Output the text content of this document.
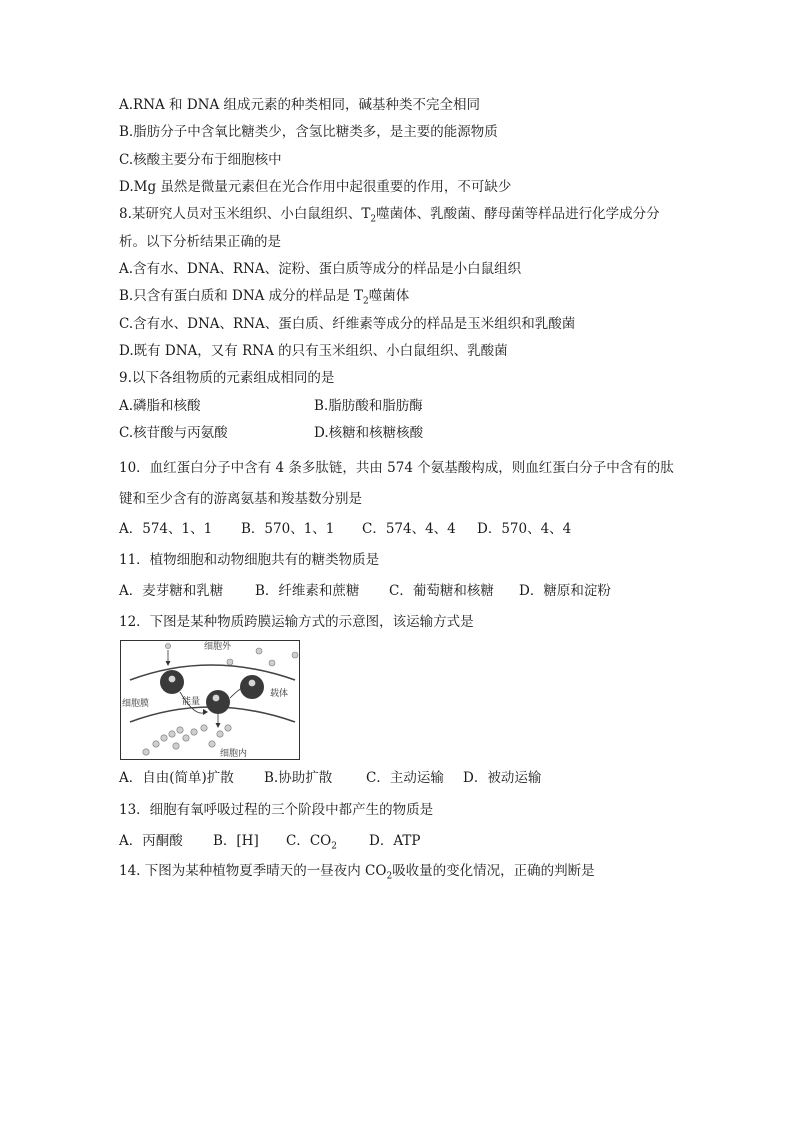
A.RNA 和 DNA 组成元素的种类相同，碱基种类不完全相同
B.脂肪分子中含氧比糖类少，含氢比糖类多，是主要的能源物质
C.核酸主要分布于细胞核中
D.Mg 虽然是微量元素但在光合作用中起很重要的作用，不可缺少
8.某研究人员对玉米组织、小白鼠组织、$T_2$噬菌体、乳酸菌、酵母菌等样品进行化学成分分
析。以下分析结果正确的是
A.含有水、DNA、RNA、淀粉、蛋白质等成分的样品是小白鼠组织
B.只含有蛋白质和 DNA 成分的样品是 $T_2$噬菌体
C.含有水、DNA、RNA、蛋白质、纤维素等成分的样品是玉米组织和乳酸菌
D.既有 DNA，又有 RNA 的只有玉米组织、小白鼠组织、乳酸菌
9.以下各组物质的元素组成相同的是
A.磷脂和核酸	B.脂肪酸和脂肪酶
C.核苷酸与丙氨酸	D.核糖和核糖核酸
10．血红蛋白分子中含有 4 条多肽链，共由 574 个氨基酸构成，则血红蛋白分子中含有的肽
键和至少含有的游离氨基和羧基数分别是
A．574、1、1 B．570、1、1 C．574、4、4 D．570、4、4
11．植物细胞和动物细胞共有的糖类物质是
A．麦芽糖和乳糖 B．纤维素和蔗糖 C．葡萄糖和核糖 D．糖原和淀粉
12．下图是某种物质跨膜运输方式的示意图，该运输方式是
细胞外
细胞膜	能量
载体
细胞内
A．自由(简单)扩散 B.协助扩散	C．主动运输 D．被动运输
13．细胞有氧呼吸过程的三个阶段中都产生的物质是
A．丙酮酸 B．[H] C．$CO_2$ D．ATP
14. 下图为某种植物夏季晴天的一昼夜内 $CO_2$吸收量的变化情况，正确的判断是
